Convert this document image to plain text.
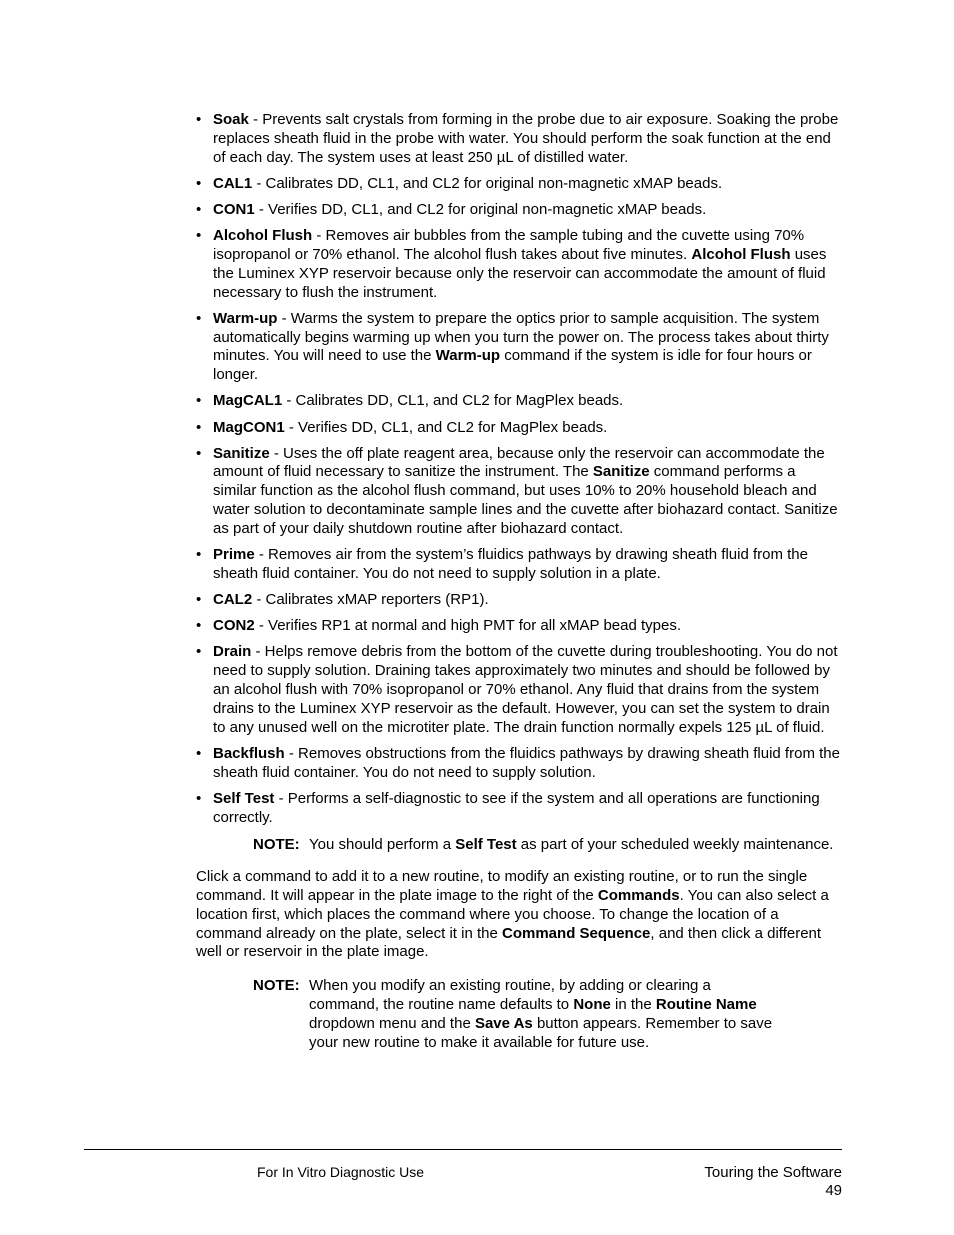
• Soak - Prevents salt crystals from forming in the probe due to air exposure. Soaking the probe replaces sheath fluid in the probe with water. You should perform the soak function at the end of each day. The system uses at least 250 µL of distilled water.
• CAL1 - Calibrates DD, CL1, and CL2 for original non-magnetic xMAP beads.
• CON1 - Verifies DD, CL1, and CL2 for original non-magnetic xMAP beads.
• Alcohol Flush - Removes air bubbles from the sample tubing and the cuvette using 70% isopropanol or 70% ethanol. The alcohol flush takes about five minutes. Alcohol Flush uses the Luminex XYP reservoir because only the reservoir can accommodate the amount of fluid necessary to flush the instrument.
• Warm-up - Warms the system to prepare the optics prior to sample acquisition. The system automatically begins warming up when you turn the power on. The process takes about thirty minutes. You will need to use the Warm-up command if the system is idle for four hours or longer.
• MagCAL1 - Calibrates DD, CL1, and CL2 for MagPlex beads.
• MagCON1 - Verifies DD, CL1, and CL2 for MagPlex beads.
• Sanitize - Uses the off plate reagent area, because only the reservoir can accommodate the amount of fluid necessary to sanitize the instrument. The Sanitize command performs a similar function as the alcohol flush command, but uses 10% to 20% household bleach and water solution to decontaminate sample lines and the cuvette after biohazard contact. Sanitize as part of your daily shutdown routine after biohazard contact.
• Prime - Removes air from the system’s fluidics pathways by drawing sheath fluid from the sheath fluid container. You do not need to supply solution in a plate.
• CAL2 - Calibrates xMAP reporters (RP1).
• CON2 - Verifies RP1 at normal and high PMT for all xMAP bead types.
• Drain - Helps remove debris from the bottom of the cuvette during troubleshooting. You do not need to supply solution. Draining takes approximately two minutes and should be followed by an alcohol flush with 70% isopropanol or 70% ethanol. Any fluid that drains from the system drains to the Luminex XYP reservoir as the default. However, you can set the system to drain to any unused well on the microtiter plate. The drain function normally expels 125 µL of fluid.
• Backflush - Removes obstructions from the fluidics pathways by drawing sheath fluid from the sheath fluid container. You do not need to supply solution.
• Self Test - Performs a self-diagnostic to see if the system and all operations are functioning correctly.
NOTE: You should perform a Self Test as part of your scheduled weekly maintenance.

Click a command to add it to a new routine, to modify an existing routine, or to run the single command. It will appear in the plate image to the right of the Commands. You can also select a location first, which places the command where you choose. To change the location of a command already on the plate, select it in the Command Sequence, and then click a different well or reservoir in the plate image.

NOTE: When you modify an existing routine, by adding or clearing a command, the routine name defaults to None in the Routine Name dropdown menu and the Save As button appears. Remember to save your new routine to make it available for future use.
For In Vitro Diagnostic Use	Touring the Software
49
